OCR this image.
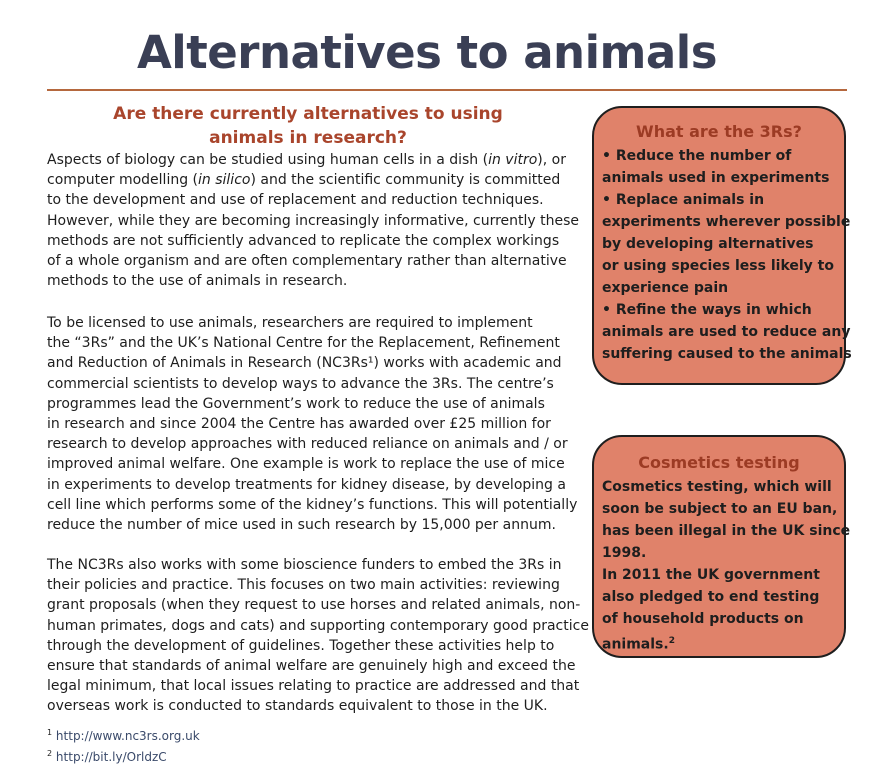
Alternatives to animals
Are there currently alternatives to using
animals in research?
Aspects of biology can be studied using human cells in a dish (in vitro), or
computer modelling (in silico) and the scientific community is committed
to the development and use of replacement and reduction techniques.
However, while they are becoming increasingly informative, currently these
methods are not sufficiently advanced to replicate the complex workings
of a whole organism and are often complementary rather than alternative
methods to the use of animals in research.
To be licensed to use animals, researchers are required to implement
the “3Rs” and the UK’s National Centre for the Replacement, Refinement
and Reduction of Animals in Research (NC3Rs¹) works with academic and
commercial scientists to develop ways to advance the 3Rs. The centre’s
programmes lead the Government’s work to reduce the use of animals
in research and since 2004 the Centre has awarded over £25 million for
research to develop approaches with reduced reliance on animals and / or
improved animal welfare. One example is work to replace the use of mice
in experiments to develop treatments for kidney disease, by developing a
cell line which performs some of the kidney’s functions. This will potentially
reduce the number of mice used in such research by 15,000 per annum.
The NC3Rs also works with some bioscience funders to embed the 3Rs in
their policies and practice. This focuses on two main activities: reviewing
grant proposals (when they request to use horses and related animals, non-
human primates, dogs and cats) and supporting contemporary good practice
through the development of guidelines. Together these activities help to
ensure that standards of animal welfare are genuinely high and exceed the
legal minimum, that local issues relating to practice are addressed and that
overseas work is conducted to standards equivalent to those in the UK.
$^1$ http://www.nc3rs.org.uk
$^2$ http://bit.ly/OrldzC

What are the 3Rs?

• Reduce the number of
animals used in experiments
• Replace animals in
experiments wherever possible
by developing alternatives
or using species less likely to
experience pain
• Refine the ways in which
animals are used to reduce any
suffering caused to the animals

Cosmetics testing

Cosmetics testing, which will
soon be subject to an EU ban,
has been illegal in the UK since
1998.
In 2011 the UK government
also pledged to end testing
of household products on
animals.$^2$
